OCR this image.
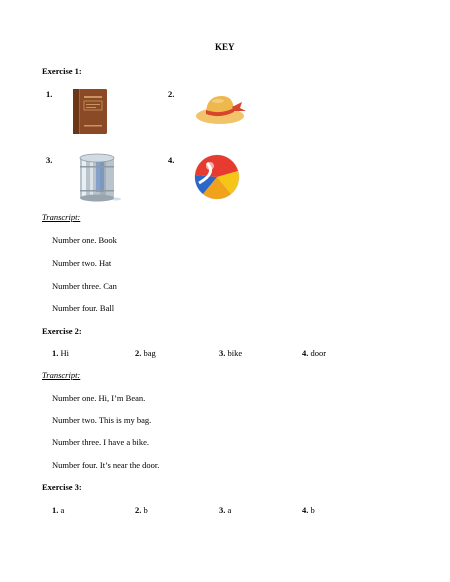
KEY
Exercise 1:
1.	2.
3.	4.
Transcript:
Number one. Book
Number two. Hat
Number three. Can
Number four. Ball
Exercise 2:
1. Hi	2. bag	3. bike	4. door
Transcript:
Number one. Hi, I’m Bean.
Number two. This is my bag.
Number three. I have a bike.
Number four. It’s near the door.
Exercise 3:
1. a	2. b	3. a	4. b
